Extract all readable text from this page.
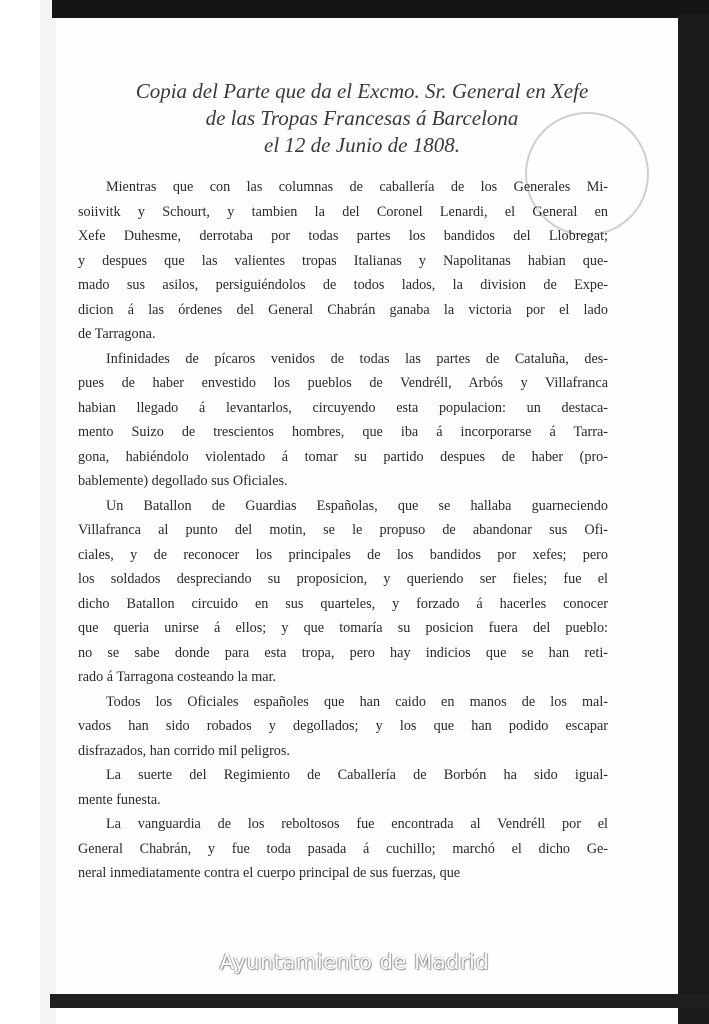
Copia del Parte que da el Excmo. Sr. General en Xefe
de las Tropas Francesas á Barcelona
el 12 de Junio de 1808.
Mientras que con las columnas de caballería de los Generales Mi-
soiivitk y Schourt, y tambien la del Coronel Lenardi, el General en
Xefe Duhesme, derrotaba por todas partes los bandidos del Llobregat;
y despues que las valientes tropas Italianas y Napolitanas habian que-
mado sus asilos, persiguiéndolos de todos lados, la division de Expe-
dicion á las órdenes del General Chabrán ganaba la victoria por el lado
de Tarragona.
Infinidades de pícaros venidos de todas las partes de Cataluña, des-
pues de haber envestido los pueblos de Vendréll, Arbós y Villafranca
habian llegado á levantarlos, circuyendo esta populacion: un destaca-
mento Suizo de trescientos hombres, que iba á incorporarse á Tarra-
gona, habiéndolo violentado á tomar su partido despues de haber (pro-
bablemente) degollado sus Oficiales.
Un Batallon de Guardias Españolas, que se hallaba guarneciendo
Villafranca al punto del motin, se le propuso de abandonar sus Ofi-
ciales, y de reconocer los principales de los bandidos por xefes; pero
los soldados despreciando su proposicion, y queriendo ser fieles; fue el
dicho Batallon circuido en sus quarteles, y forzado á hacerles conocer
que queria unirse á ellos; y que tomaría su posicion fuera del pueblo:
no se sabe donde para esta tropa, pero hay indicios que se han reti-
rado á Tarragona costeando la mar.
Todos los Oficiales españoles que han caido en manos de los mal-
vados han sido robados y degollados; y los que han podido escapar
disfrazados, han corrido mil peligros.
La suerte del Regimiento de Caballería de Borbón ha sido igual-
mente funesta.
La vanguardia de los reboltosos fue encontrada al Vendréll por el
General Chabrán, y fue toda pasada á cuchillo; marchó el dicho Ge-
neral inmediatamente contra el cuerpo principal de sus fuerzas, que
Ayuntamiento de Madrid
